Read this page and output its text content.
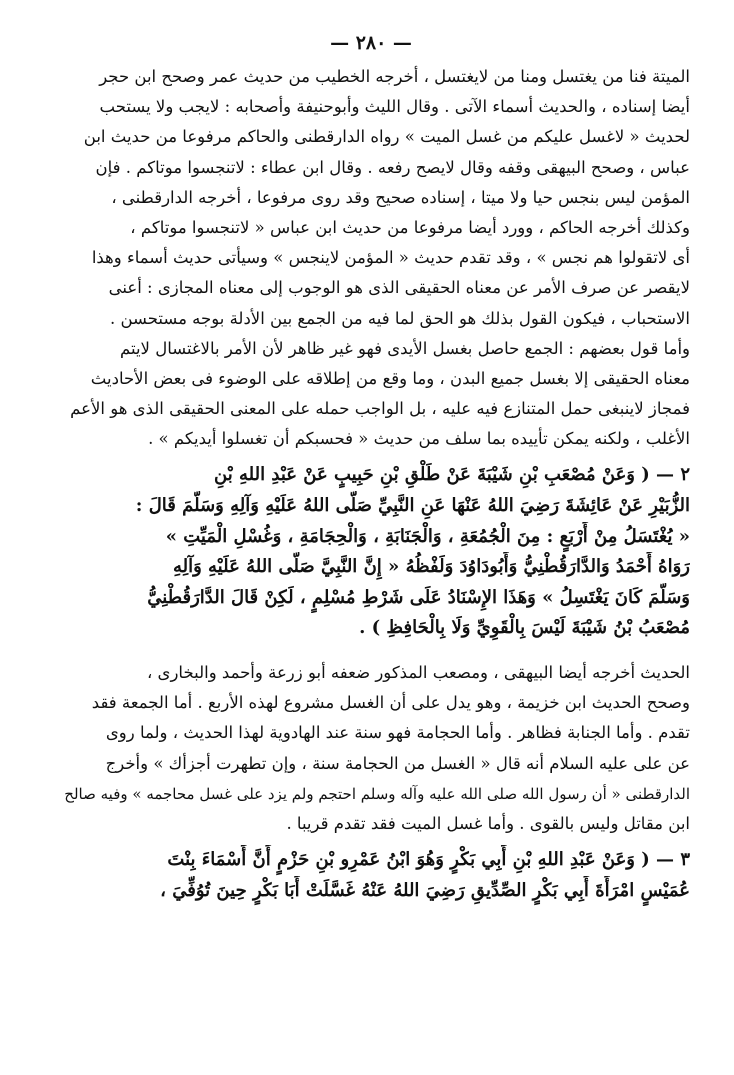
— ٢٨٠ —
الميتة فنا من يغتسل ومنا من لايغتسل ، أخرجه الخطيب من حديث عمر وصحح ابن حجر
أيضا إسناده ، والحديث أسماء الآتى . وقال الليث وأبوحنيفة وأصحابه : لايجب ولا يستحب
لحديث « لاغسل عليكم من غسل الميت » رواه الدارقطنى والحاكم مرفوعا من حديث ابن
عباس ، وصحح البيهقى وقفه وقال لايصح رفعه . وقال ابن عطاء : لاتنجسوا موتاكم . فإن
المؤمن ليس بنجس حيا ولا ميتا ، إسناده صحيح وقد روى مرفوعا ، أخرجه الدارقطنى ،
وكذلك أخرجه الحاكم ، وورد أيضا مرفوعا من حديث ابن عباس « لاتنجسوا موتاكم ،
أى لاتقولوا هم نجس » ، وقد تقدم حديث « المؤمن لاينجس » وسيأتى حديث أسماء وهذا
لايقصر عن صرف الأمر عن معناه الحقيقى الذى هو الوجوب إلى معناه المجازى : أعنى
الاستحباب ، فيكون القول بذلك هو الحق لما فيه من الجمع بين الأدلة بوجه مستحسن .
وأما قول بعضهم : الجمع حاصل بغسل الأيدى فهو غير ظاهر لأن الأمر بالاغتسال لايتم
معناه الحقيقى إلا بغسل جميع البدن ، وما وقع من إطلاقه على الوضوء فى بعض الأحاديث
فمجاز لاينبغى حمل المتنازع فيه عليه ، بل الواجب حمله على المعنى الحقيقى الذى هو الأعم
الأغلب ، ولكنه يمكن تأييده بما سلف من حديث « فحسبكم أن تغسلوا أيديكم » .
٢ — ( وَعَنْ مُصْعَبِ بْنِ شَيْبَةَ عَنْ طَلْقِ بْنِ حَبِيبٍ عَنْ عَبْدِ اللهِ بْنِ
الزُّبَيْرِ عَنْ عَائِشَةَ رَضِيَ اللهُ عَنْهَا عَنِ النَّبِيِّ صَلَّى اللهُ عَلَيْهِ وَآلِهِ وَسَلَّمَ قَالَ :
« يُغْتَسَلُ مِنْ أَرْبَعٍ : مِنَ الْجُمُعَةِ ، وَالْجَنَابَةِ ، وَالْحِجَامَةِ ، وَغُسْلِ الْمَيِّتِ »
رَوَاهُ أَحْمَدُ وَالدَّارَقُطْنِيُّ وَأَبُودَاوُدَ وَلَفْظُهُ « إِنَّ النَّبِيَّ صَلَّى اللهُ عَلَيْهِ وَآلِهِ
وَسَلَّمَ كَانَ يَغْتَسِلُ » وَهَذَا الإِسْنَادُ عَلَى شَرْطِ مُسْلِمٍ ، لَكِنْ قَالَ الدَّارَقُطْنِيُّ
مُصْعَبُ بْنُ شَيْبَةَ لَيْسَ بِالْقَوِيِّ وَلَا بِالْحَافِظِ ) .
الحديث أخرجه أيضا البيهقى ، ومصعب المذكور ضعفه أبو زرعة وأحمد والبخارى ،
وصحح الحديث ابن خزيمة ، وهو يدل على أن الغسل مشروع لهذه الأربع . أما الجمعة فقد
تقدم . وأما الجنابة فظاهر . وأما الحجامة فهو سنة عند الهادوية لهذا الحديث ، ولما روى
عن على عليه السلام أنه قال « الغسل من الحجامة سنة ، وإن تطهرت أجزأك » وأخرج
الدارقطنى « أن رسول الله صلى الله عليه وآله وسلم احتجم ولم يزد على غسل محاجمه » وفيه صالح
ابن مقاتل وليس بالقوى . وأما غسل الميت فقد تقدم قريبا .
٣ — ( وَعَنْ عَبْدِ اللهِ بْنِ أَبِي بَكْرٍ وَهُوَ ابْنُ عَمْرِو بْنِ حَزْمٍ أَنَّ أَسْمَاءَ بِنْتَ
عُمَيْسٍ امْرَأَةَ أَبِي بَكْرٍ الصِّدِّيقِ رَضِيَ اللهُ عَنْهُ غَسَّلَتْ أَبَا بَكْرٍ حِينَ تُوُفِّيَ ،
